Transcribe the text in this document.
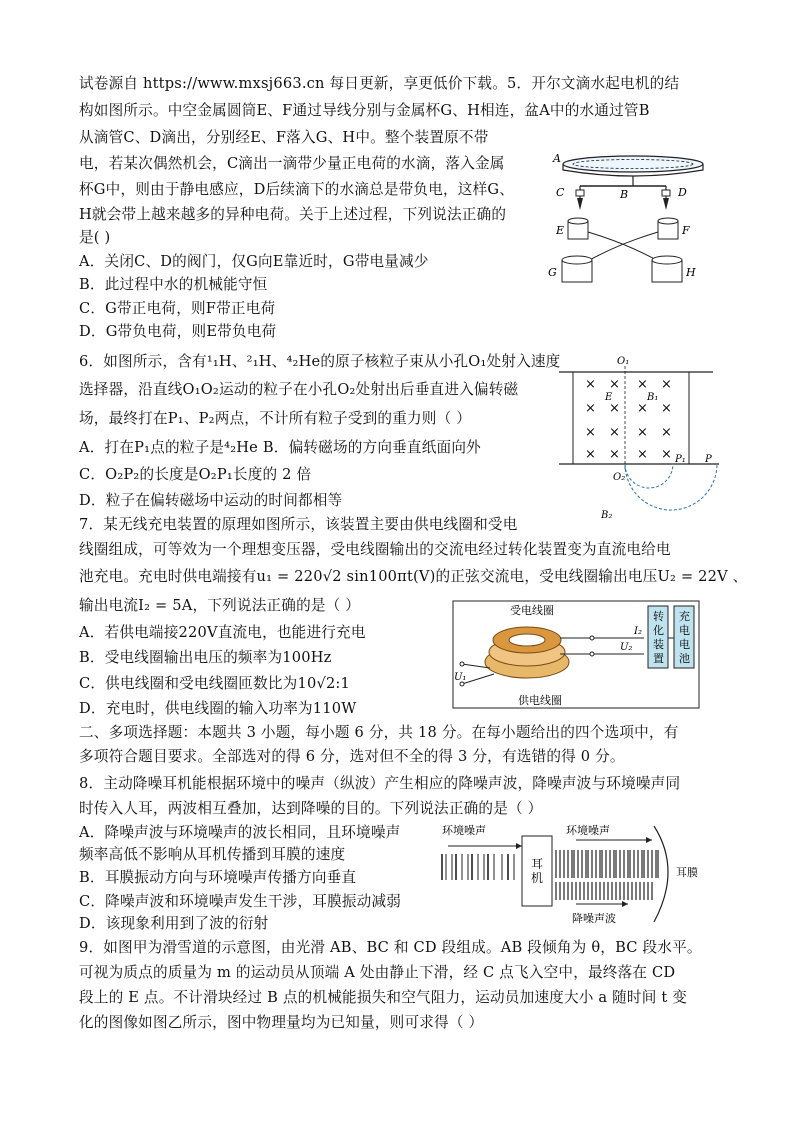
试卷源自 https://www.mxsj663.cn 每日更新，享更低价下载。5．开尔文滴水起电机的结
构如图所示。中空金属圆筒E、F通过导线分别与金属杯G、H相连，盆A中的水通过管B
从滴管C、D滴出，分别经E、F落入G、H中。整个装置原不带
电，若某次偶然机会，C滴出一滴带少量正电荷的水滴，落入金属
杯G中，则由于静电感应，D后续滴下的水滴总是带负电，这样G、
H就会带上越来越多的异种电荷。关于上述过程，下列说法正确的
是( )
A．关闭C、D的阀门，仅G向E靠近时，G带电量减少
B．此过程中水的机械能守恒
C．G带正电荷，则F带正电荷
D．G带负电荷，则E带负电荷
6．如图所示，含有¹₁H、²₁H、⁴₂He的原子核粒子束从小孔O₁处射入速度
选择器，沿直线O₁O₂运动的粒子在小孔O₂处射出后垂直进入偏转磁
场，最终打在P₁、P₂两点，不计所有粒子受到的重力则（ ）
A．打在P₁点的粒子是⁴₂He B．偏转磁场的方向垂直纸面向外
C．O₂P₂的长度是O₂P₁长度的 2 倍
D．粒子在偏转磁场中运动的时间都相等
7．某无线充电装置的原理如图所示，该装置主要由供电线圈和受电
线圈组成，可等效为一个理想变压器，受电线圈输出的交流电经过转化装置变为直流电给电
池充电。充电时供电端接有u₁ = 220√2 sin100πt(V)的正弦交流电，受电线圈输出电压U₂ = 22V 、
输出电流I₂ = 5A，下列说法正确的是（ ）
A．若供电端接220V直流电，也能进行充电
B．受电线圈输出电压的频率为100Hz
C．供电线圈和受电线圈匝数比为10√2:1
D．充电时，供电线圈的输入功率为110W
二、多项选择题：本题共 3 小题，每小题 6 分，共 18 分。在每小题给出的四个选项中，有
多项符合题目要求。全部选对的得 6 分，选对但不全的得 3 分，有选错的得 0 分。
8．主动降噪耳机能根据环境中的噪声（纵波）产生相应的降噪声波，降噪声波与环境噪声同
时传入人耳，两波相互叠加，达到降噪的目的。下列说法正确的是（ ）
A．降噪声波与环境噪声的波长相同，且环境噪声
频率高低不影响从耳机传播到耳膜的速度
B．耳膜振动方向与环境噪声传播方向垂直
C．降噪声波和环境噪声发生干涉，耳膜振动减弱
D．该现象利用到了波的衍射
9．如图甲为滑雪道的示意图，由光滑 AB、BC 和 CD 段组成。AB 段倾角为 θ，BC 段水平。
可视为质点的质量为 m 的运动员从顶端 A 处由静止下滑，经 C 点飞入空中，最终落在 CD
段上的 E 点。不计滑块经过 B 点的机械能损失和空气阻力，运动员加速度大小 a 随时间 t 变
化的图像如图乙所示，图中物理量均为已知量，则可求得（ ）
A
C	B	D
E	F
G	H
× × × ×
× × × ×
× × × ×
× × × ×
O₁
E	B₁
O₂
P₁ P
B₂
受电线圈
供电线圈
I₂
U₂
U₁
转化装置
充电电池
环境噪声	环境噪声
耳机
降噪声波
耳膜
